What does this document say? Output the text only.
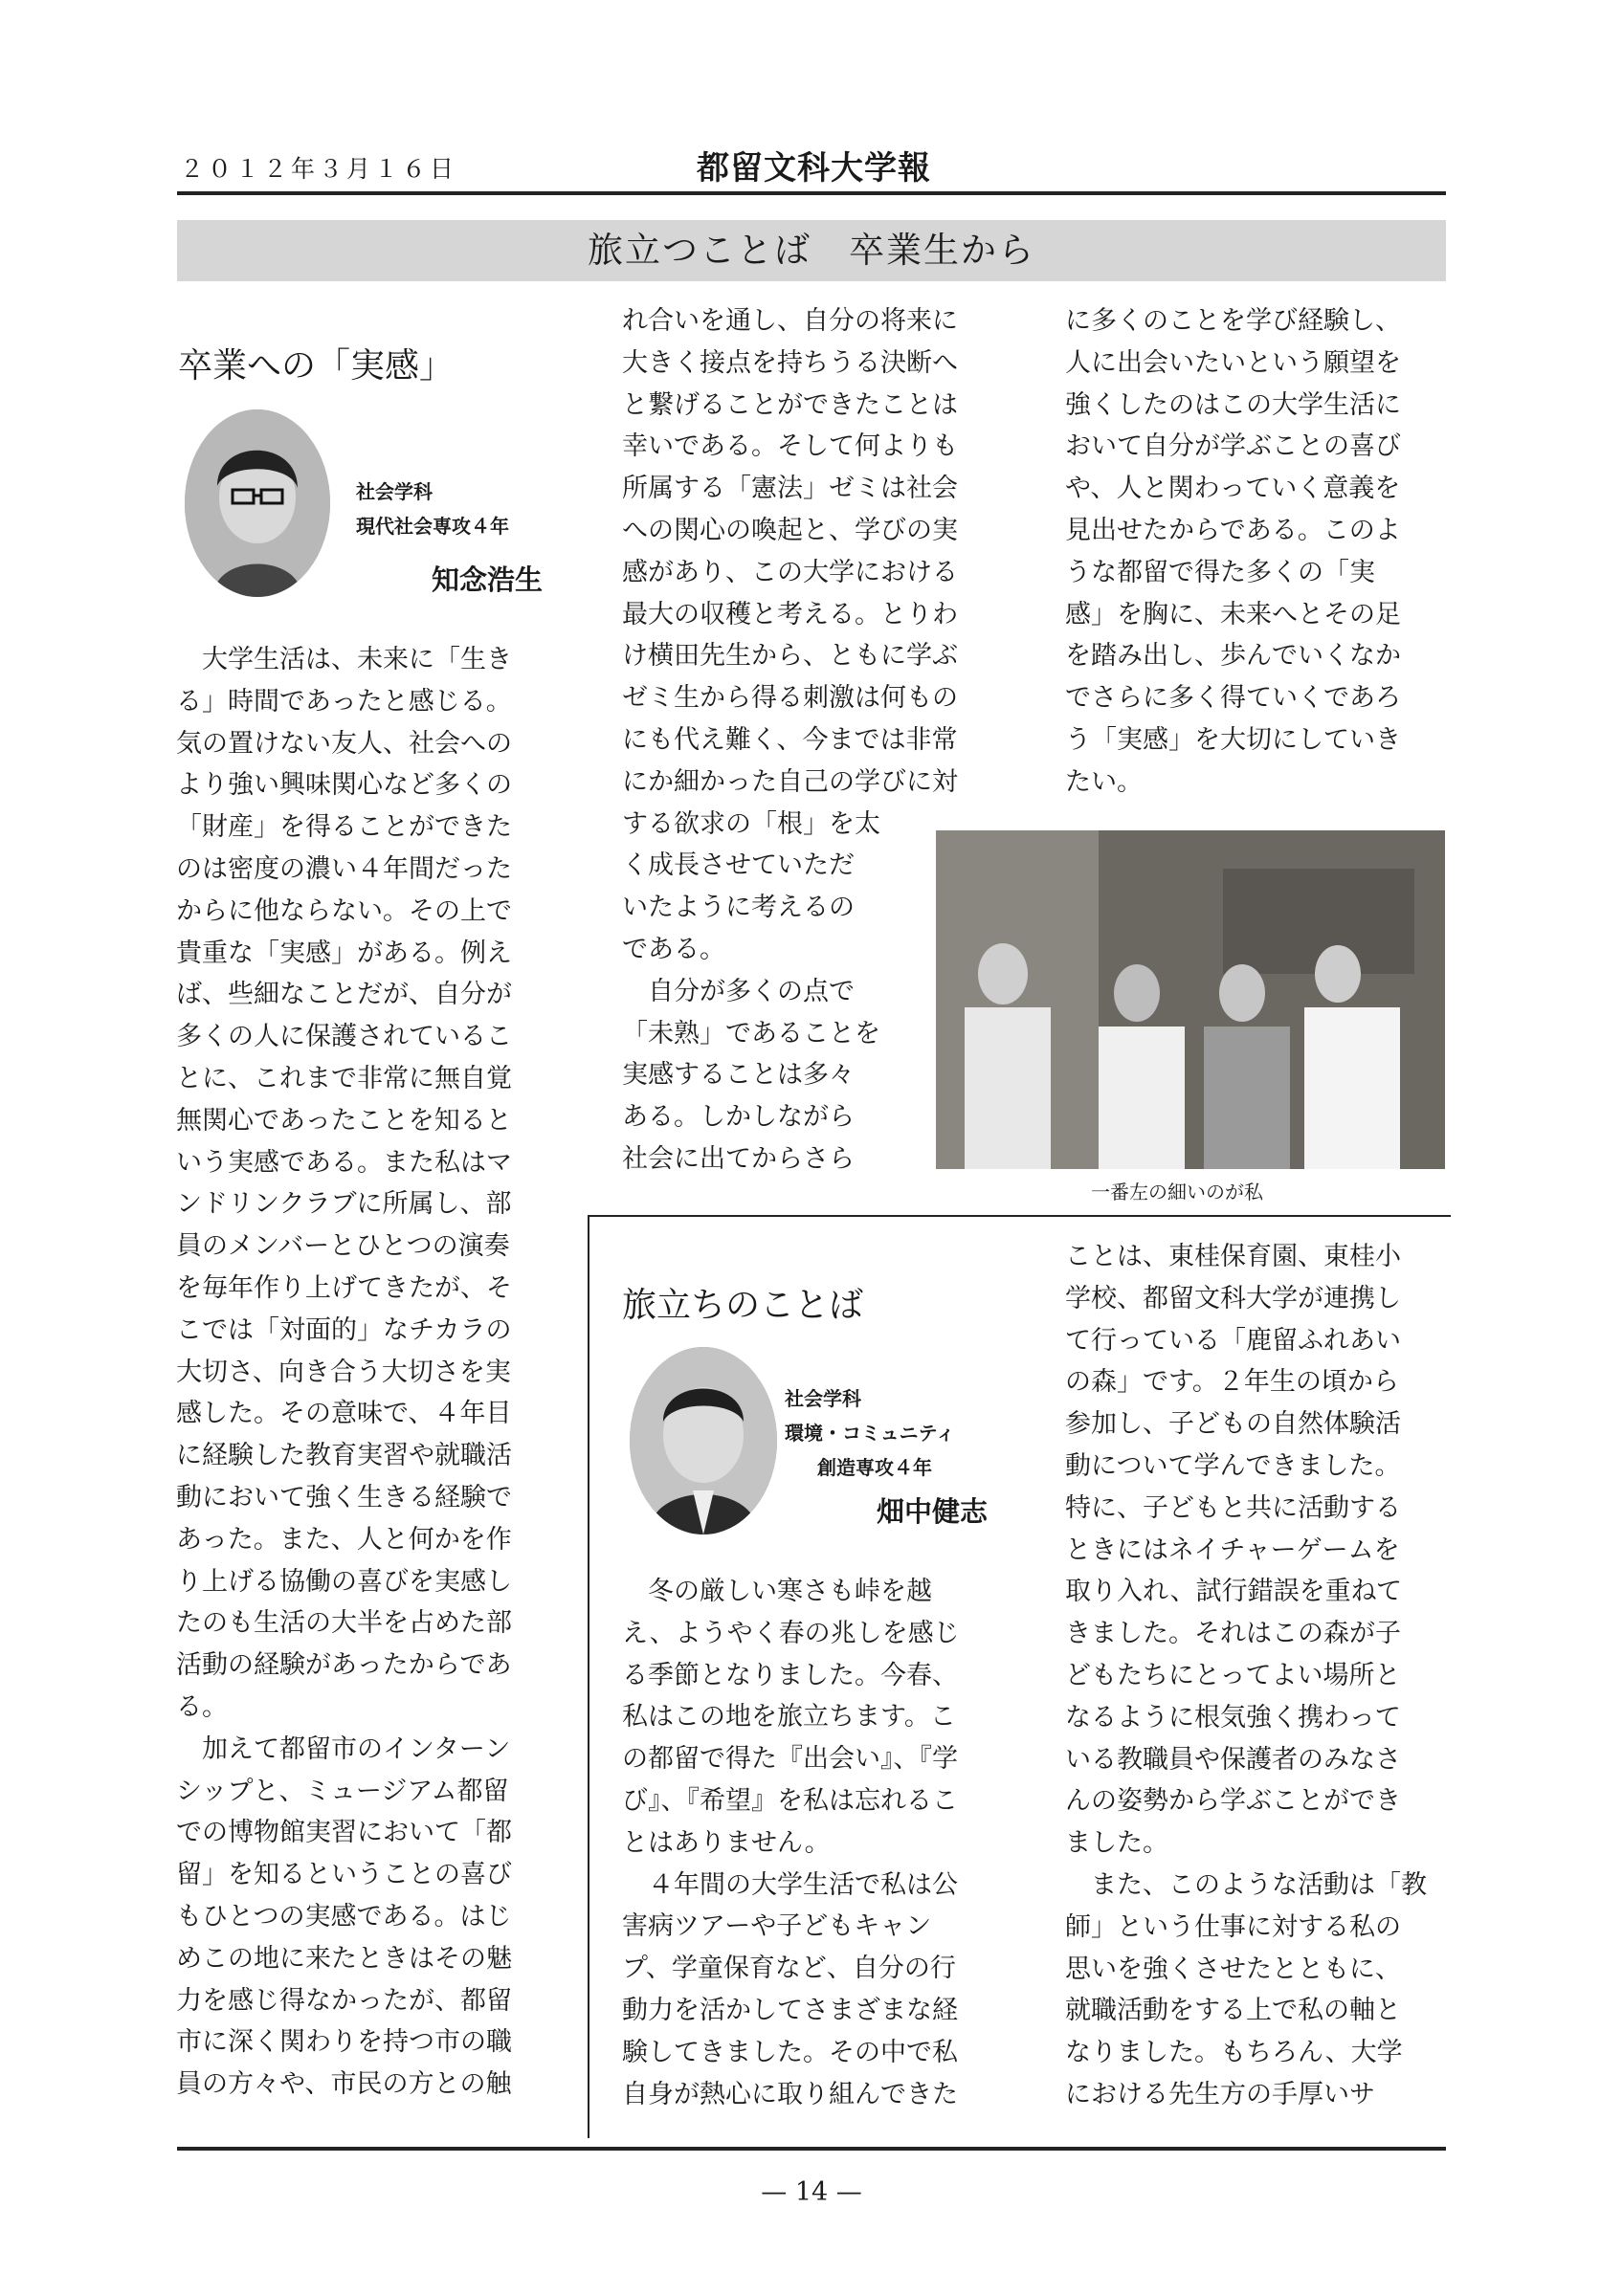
２０１２年３月１６日	都留文科大学報
旅立つことば　卒業生から
卒業への「実感」
社会学科
現代社会専攻４年
知念浩生

大学生活は、未来に「生き

る」時間であったと感じる。

気の置けない友人、社会への

より強い興味関心など多くの

「財産」を得ることができた

のは密度の濃い４年間だった

からに他ならない。その上で

貴重な「実感」がある。例え

ば、些細なことだが、自分が

多くの人に保護されているこ

とに、これまで非常に無自覚

無関心であったことを知ると

いう実感である。また私はマ

ンドリンクラブに所属し、部

員のメンバーとひとつの演奏

を毎年作り上げてきたが、そ

こでは「対面的」なチカラの

大切さ、向き合う大切さを実

感した。その意味で、４年目

に経験した教育実習や就職活

動において強く生きる経験で

あった。また、人と何かを作

り上げる協働の喜びを実感し

たのも生活の大半を占めた部

活動の経験があったからであ

る。

加えて都留市のインターン

シップと、ミュージアム都留

での博物館実習において「都

留」を知るということの喜び

もひとつの実感である。はじ

めこの地に来たときはその魅

力を感じ得なかったが、都留

市に深く関わりを持つ市の職

員の方々や、市民の方との触

れ合いを通し、自分の将来に

大きく接点を持ちうる決断へ

と繋げることができたことは

幸いである。そして何よりも

所属する「憲法」ゼミは社会

への関心の喚起と、学びの実

感があり、この大学における

最大の収穫と考える。とりわ

け横田先生から、ともに学ぶ

ゼミ生から得る刺激は何もの

にも代え難く、今までは非常

にか細かった自己の学びに対

する欲求の「根」を太

く成長させていただ

いたように考えるの

である。

自分が多くの点で

「未熟」であることを

実感することは多々

ある。しかしながら

社会に出てからさら

に多くのことを学び経験し、

人に出会いたいという願望を

強くしたのはこの大学生活に

おいて自分が学ぶことの喜び

や、人と関わっていく意義を

見出せたからである。このよ

うな都留で得た多くの「実

感」を胸に、未来へとその足

を踏み出し、歩んでいくなか

でさらに多く得ていくであろ

う「実感」を大切にしていき

たい。

一番左の細いのが私
旅立ちのことば
社会学科
環境・コミュニティ
創造専攻４年
畑中健志

冬の厳しい寒さも峠を越

え、ようやく春の兆しを感じ

る季節となりました。今春、

私はこの地を旅立ちます。こ

の都留で得た『出会い』、『学

び』、『希望』を私は忘れるこ

とはありません。

４年間の大学生活で私は公

害病ツアーや子どもキャン

プ、学童保育など、自分の行

動力を活かしてさまざまな経

験してきました。その中で私

自身が熱心に取り組んできた

ことは、東桂保育園、東桂小

学校、都留文科大学が連携し

て行っている「鹿留ふれあい

の森」です。２年生の頃から

参加し、子どもの自然体験活

動について学んできました。

特に、子どもと共に活動する

ときにはネイチャーゲームを

取り入れ、試行錯誤を重ねて

きました。それはこの森が子

どもたちにとってよい場所と

なるように根気強く携わって

いる教職員や保護者のみなさ

んの姿勢から学ぶことができ

ました。

また、このような活動は「教

師」という仕事に対する私の

思いを強くさせたとともに、

就職活動をする上で私の軸と

なりました。もちろん、大学

における先生方の手厚いサ

— 14 —
